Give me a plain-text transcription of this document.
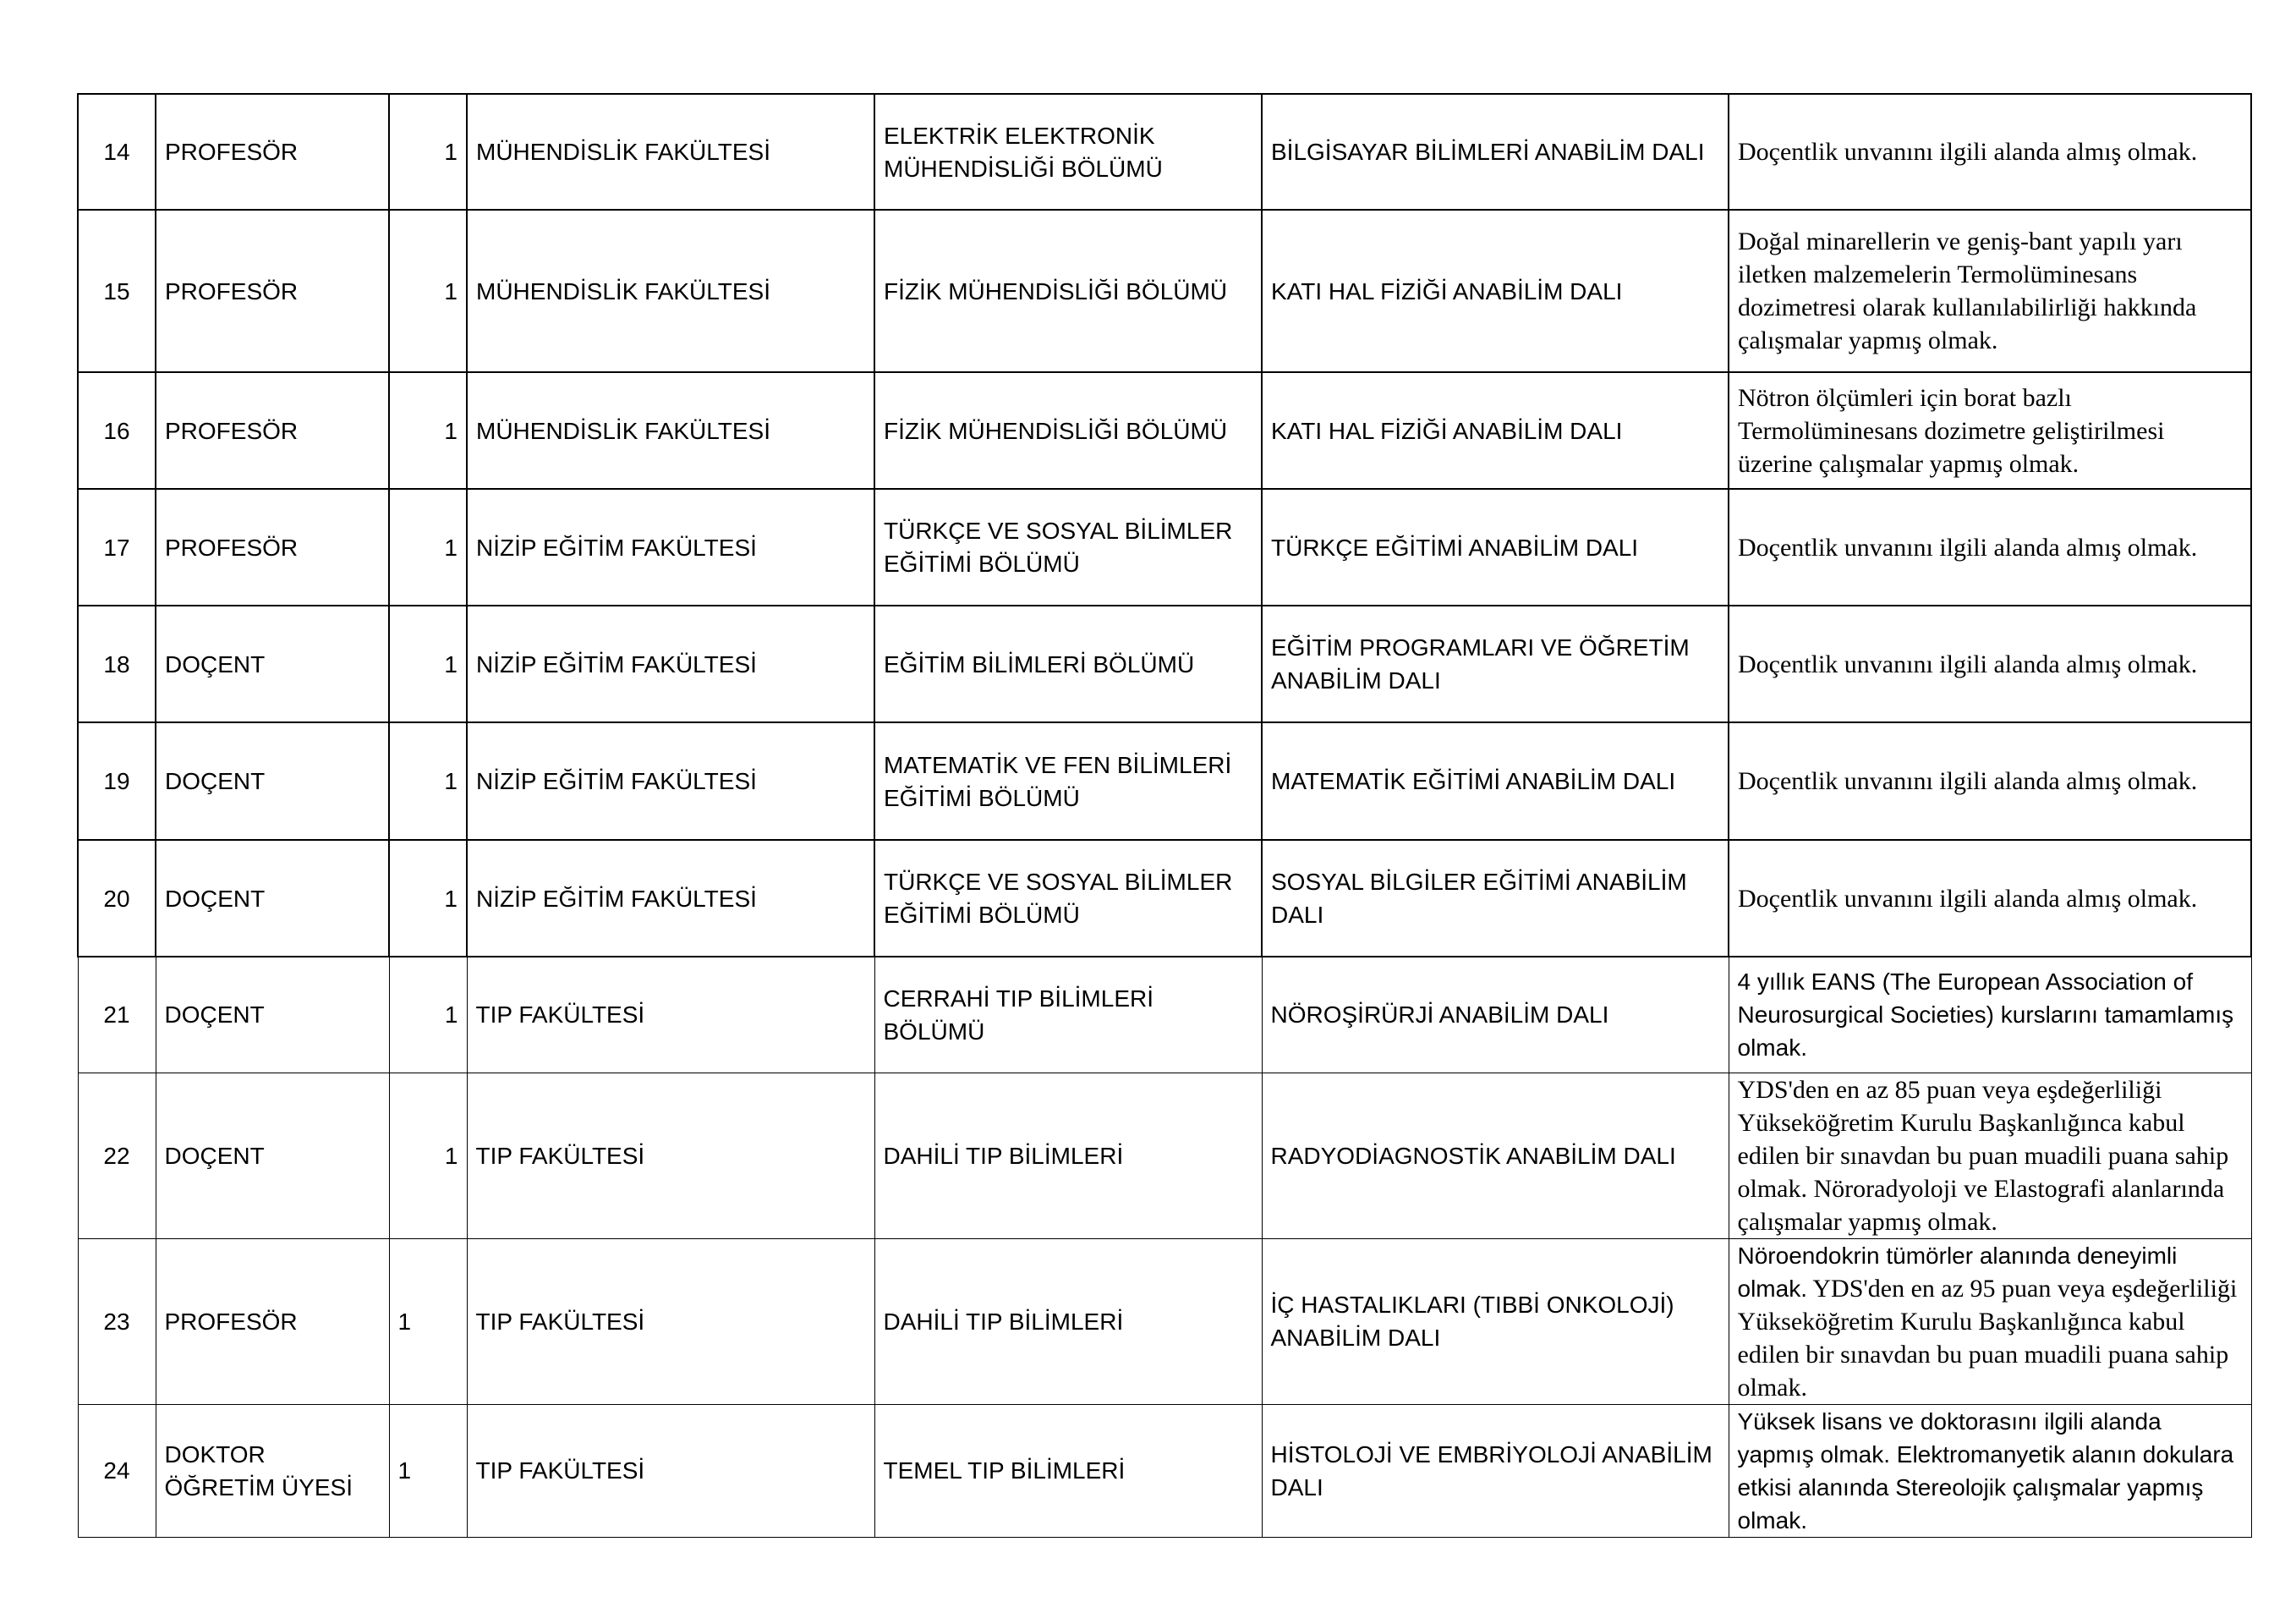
14	PROFESÖR	1	MÜHENDİSLİK FAKÜLTESİ	ELEKTRİK ELEKTRONİK MÜHENDİSLİĞİ BÖLÜMÜ	BİLGİSAYAR BİLİMLERİ ANABİLİM DALI	Doçentlik unvanını ilgili alanda almış olmak.
15	PROFESÖR	1	MÜHENDİSLİK FAKÜLTESİ	FİZİK MÜHENDİSLİĞİ BÖLÜMÜ	KATI HAL FİZİĞİ ANABİLİM DALI	Doğal minarellerin ve geniş-bant yapılı yarı iletken malzemelerin Termolüminesans dozimetresi olarak kullanılabilirliği hakkında çalışmalar yapmış olmak.
16	PROFESÖR	1	MÜHENDİSLİK FAKÜLTESİ	FİZİK MÜHENDİSLİĞİ BÖLÜMÜ	KATI HAL FİZİĞİ ANABİLİM DALI	Nötron ölçümleri için borat bazlı Termolüminesans dozimetre geliştirilmesi üzerine çalışmalar yapmış olmak.
17	PROFESÖR	1	NİZİP EĞİTİM FAKÜLTESİ	TÜRKÇE VE SOSYAL BİLİMLER EĞİTİMİ BÖLÜMÜ	TÜRKÇE EĞİTİMİ ANABİLİM DALI	Doçentlik unvanını ilgili alanda almış olmak.
18	DOÇENT	1	NİZİP EĞİTİM FAKÜLTESİ	EĞİTİM BİLİMLERİ BÖLÜMÜ	EĞİTİM PROGRAMLARI VE ÖĞRETİM ANABİLİM DALI	Doçentlik unvanını ilgili alanda almış olmak.
19	DOÇENT	1	NİZİP EĞİTİM FAKÜLTESİ	MATEMATİK VE FEN BİLİMLERİ EĞİTİMİ BÖLÜMÜ	MATEMATİK EĞİTİMİ ANABİLİM DALI	Doçentlik unvanını ilgili alanda almış olmak.
20	DOÇENT	1	NİZİP EĞİTİM FAKÜLTESİ	TÜRKÇE VE SOSYAL BİLİMLER EĞİTİMİ BÖLÜMÜ	SOSYAL BİLGİLER EĞİTİMİ ANABİLİM DALI	Doçentlik unvanını ilgili alanda almış olmak.
21	DOÇENT	1	TIP FAKÜLTESİ	CERRAHİ TIP BİLİMLERİ BÖLÜMÜ	NÖROŞİRÜRJİ ANABİLİM DALI	4 yıllık EANS (The European Association of Neurosurgical Societies) kurslarını tamamlamış olmak.
22	DOÇENT	1	TIP FAKÜLTESİ	DAHİLİ TIP BİLİMLERİ	RADYODİAGNOSTİK ANABİLİM DALI	YDS'den en az 85 puan veya eşdeğerliliği Yükseköğretim Kurulu Başkanlığınca kabul edilen bir sınavdan bu puan muadili puana sahip olmak. Nöroradyoloji ve Elastografi alanlarında çalışmalar yapmış olmak.
23	PROFESÖR	1	TIP FAKÜLTESİ	DAHİLİ TIP BİLİMLERİ	İÇ HASTALIKLARI (TIBBİ ONKOLOJİ) ANABİLİM DALI	Nöroendokrin tümörler alanında deneyimli olmak. YDS'den en az 95 puan veya eşdeğerliliği Yükseköğretim Kurulu Başkanlığınca kabul edilen bir sınavdan bu puan muadili puana sahip olmak.
24	DOKTOR ÖĞRETİM ÜYESİ	1	TIP FAKÜLTESİ	TEMEL TIP BİLİMLERİ	HİSTOLOJİ VE EMBRİYOLOJİ ANABİLİM DALI	Yüksek lisans ve doktorasını ilgili alanda yapmış olmak. Elektromanyetik alanın dokulara etkisi alanında Stereolojik çalışmalar yapmış olmak.
